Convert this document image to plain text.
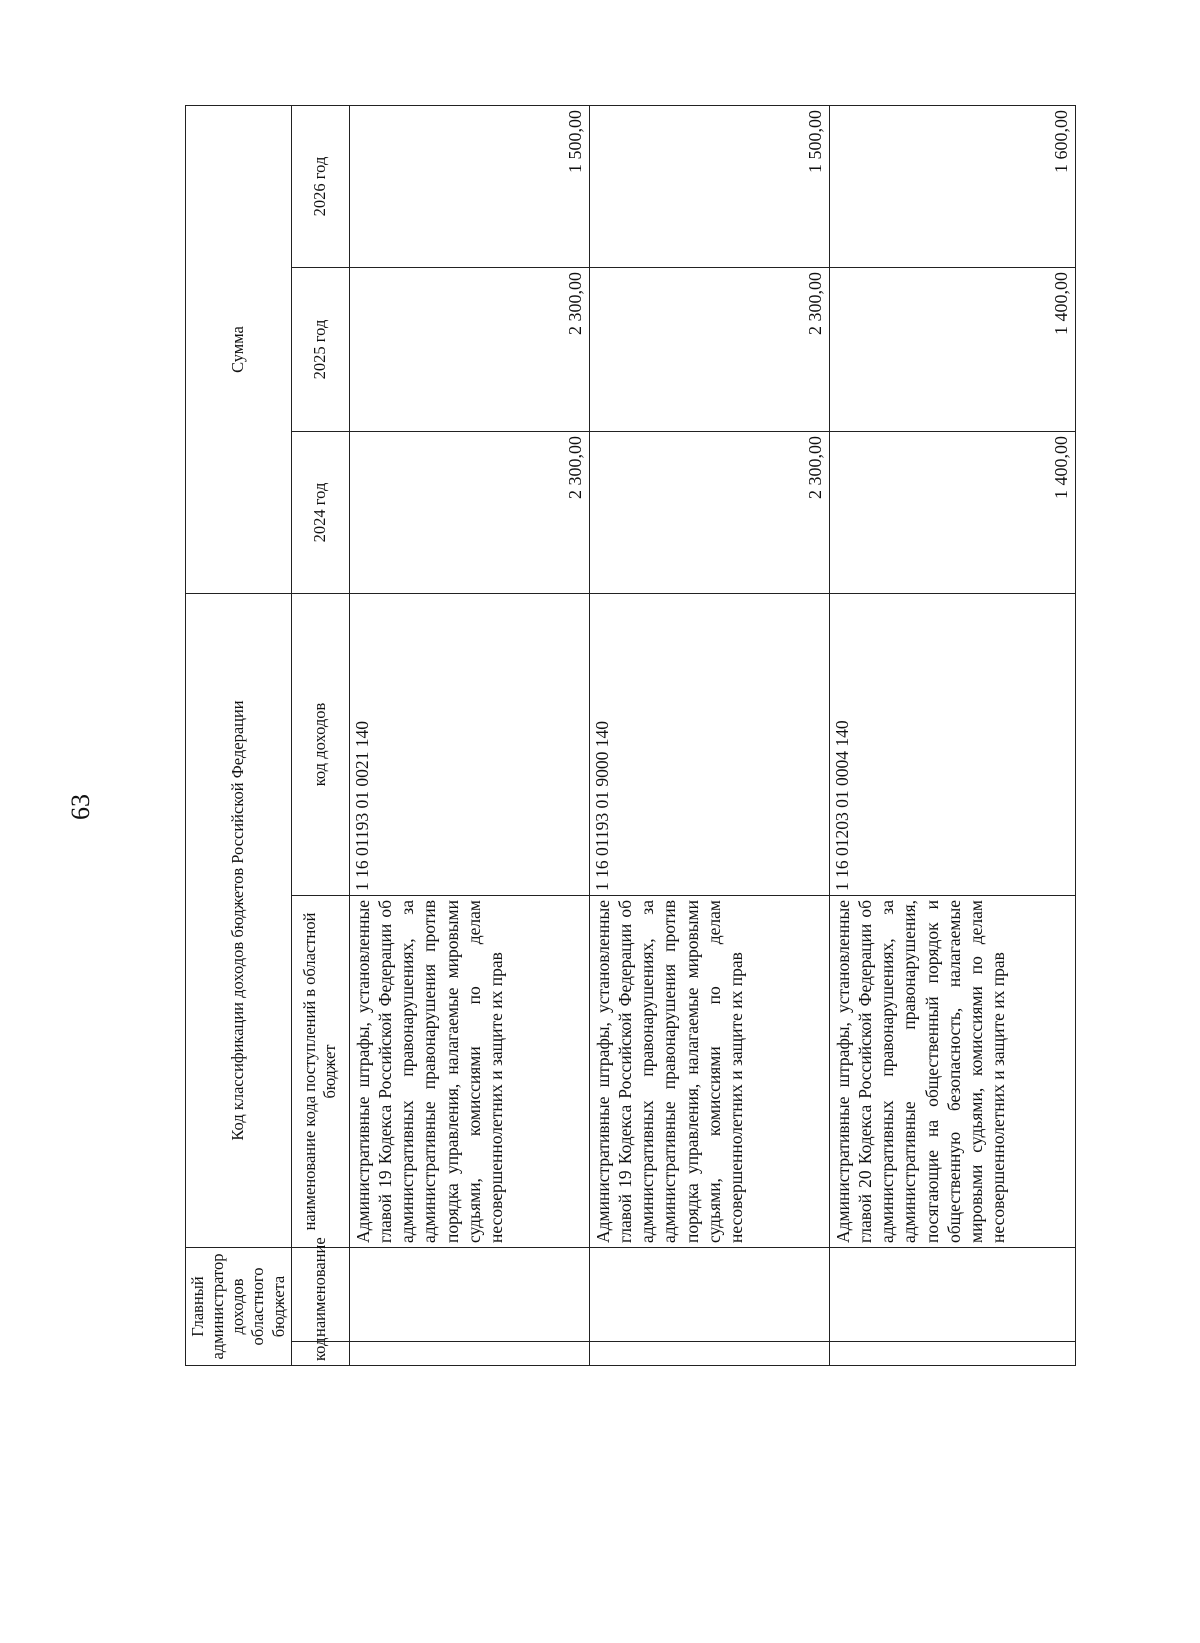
63
Главный администратор доходов областного бюджета		Код классификации доходов бюджетов Российской Федерации		Сумма		
код	наименование	наименование кода поступлений в областной бюджет	код доходов	2024 год	2025 год	2026 год
		Административные штрафы, установленные главой 19 Кодекса Российской Федерации об административных правонарушениях, за административные правонарушения против порядка управления, налагаемые мировыми судьями, комиссиями по делам несовершеннолетних и защите их прав	1 16 01193 01 0021 140	2 300,00	2 300,00	1 500,00
		Административные штрафы, установленные главой 19 Кодекса Российской Федерации об административных правонарушениях, за административные правонарушения против порядка управления, налагаемые мировыми судьями, комиссиями по делам несовершеннолетних и защите их прав	1 16 01193 01 9000 140	2 300,00	2 300,00	1 500,00
		Административные штрафы, установленные главой 20 Кодекса Российской Федерации об административных правонарушениях, за административные правонарушения, посягающие на общественный порядок и общественную безопасность, налагаемые мировыми судьями, комиссиями по делам несовершеннолетних и защите их прав	1 16 01203 01 0004 140	1 400,00	1 400,00	1 600,00
